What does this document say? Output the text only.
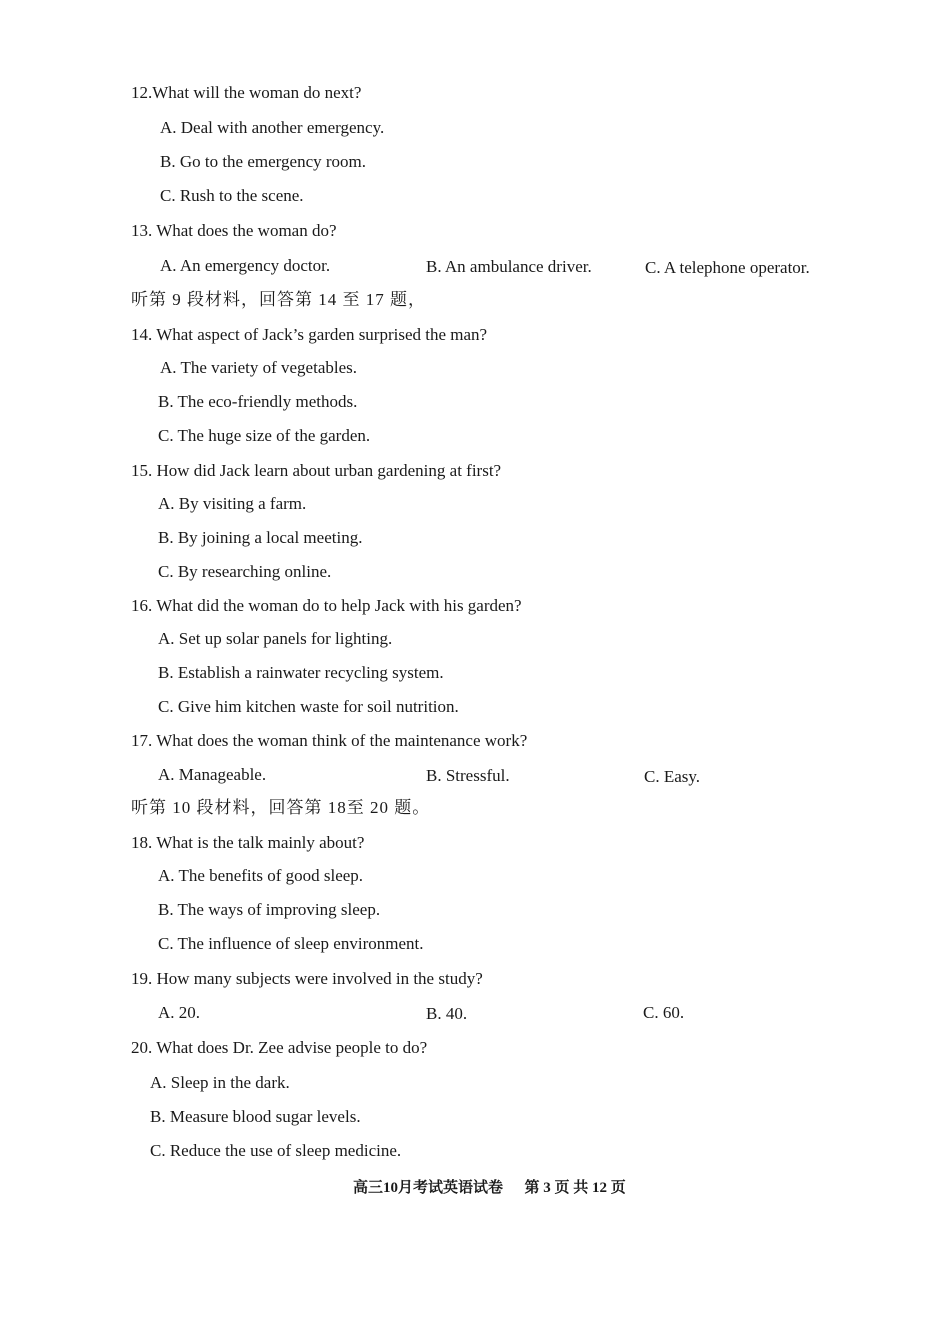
12.What will the woman do next?
A. Deal with another emergency.
B. Go to the emergency room.
C. Rush to the scene.
13. What does the woman do?
A. An emergency doctor.	B. An ambulance driver.	C. A telephone operator.
听第 9 段材料，回答第 14 至 17 题，
14. What aspect of Jack’s garden surprised the man?
A. The variety of vegetables.
B. The eco-friendly methods.
C. The huge size of the garden.
15. How did Jack learn about urban gardening at first?
A. By visiting a farm.
B. By joining a local meeting.
C. By researching online.
16. What did the woman do to help Jack with his garden?
A. Set up solar panels for lighting.
B. Establish a rainwater recycling system.
C. Give him kitchen waste for soil nutrition.
17. What does the woman think of the maintenance work?
A. Manageable.	B. Stressful.	C. Easy.
听第 10 段材料，回答第 18至 20 题。
18. What is the talk mainly about?
A. The benefits of good sleep.
B. The ways of improving sleep.
C. The influence of sleep environment.
19. How many subjects were involved in the study?
A. 20.	B. 40.	C. 60.
20. What does Dr. Zee advise people to do?
A. Sleep in the dark.
B. Measure blood sugar levels.
C. Reduce the use of sleep medicine.
高三10月考试英语试卷 第 3 页 共 12 页
